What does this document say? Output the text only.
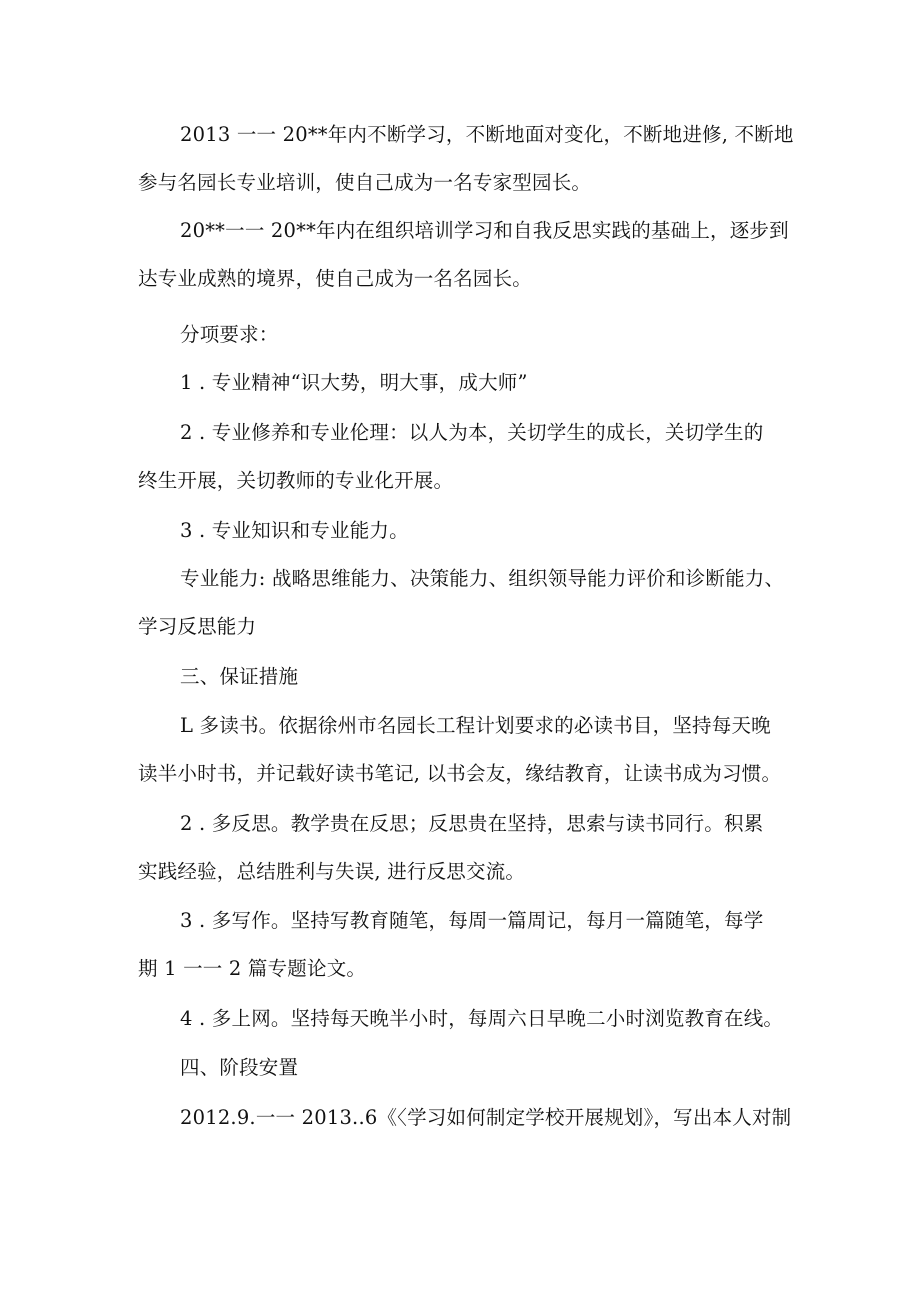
2013 一一 20**年内不断学习，不断地面对变化，不断地进修, 不断地
参与名园长专业培训，使自己成为一名专家型园长。
20**一一 20**年内在组织培训学习和自我反思实践的基础上，逐步到
达专业成熟的境界，使自己成为一名名园长。
分项要求：
1 . 专业精神“识大势，明大事，成大师”
2 . 专业修养和专业伦理：以人为本，关切学生的成长，关切学生的
终生开展，关切教师的专业化开展。
3 . 专业知识和专业能力。
专业能力: 战略思维能力、决策能力、组织领导能力评价和诊断能力、
学习反思能力
三、保证措施
L 多读书。依据徐州市名园长工程计划要求的必读书目，坚持每天晚
读半小时书，并记载好读书笔记, 以书会友，缘结教育，让读书成为习惯。
2 . 多反思。教学贵在反思；反思贵在坚持，思索与读书同行。积累
实践经验，总结胜利与失误, 进行反思交流。
3 . 多写作。坚持写教育随笔，每周一篇周记，每月一篇随笔，每学
期 1 一一 2 篇专题论文。
4 . 多上网。坚持每天晚半小时，每周六日早晚二小时浏览教育在线。
四、阶段安置
2012.9.一一 2013..6《〈学习如何制定学校开展规划》，写出本人对制
